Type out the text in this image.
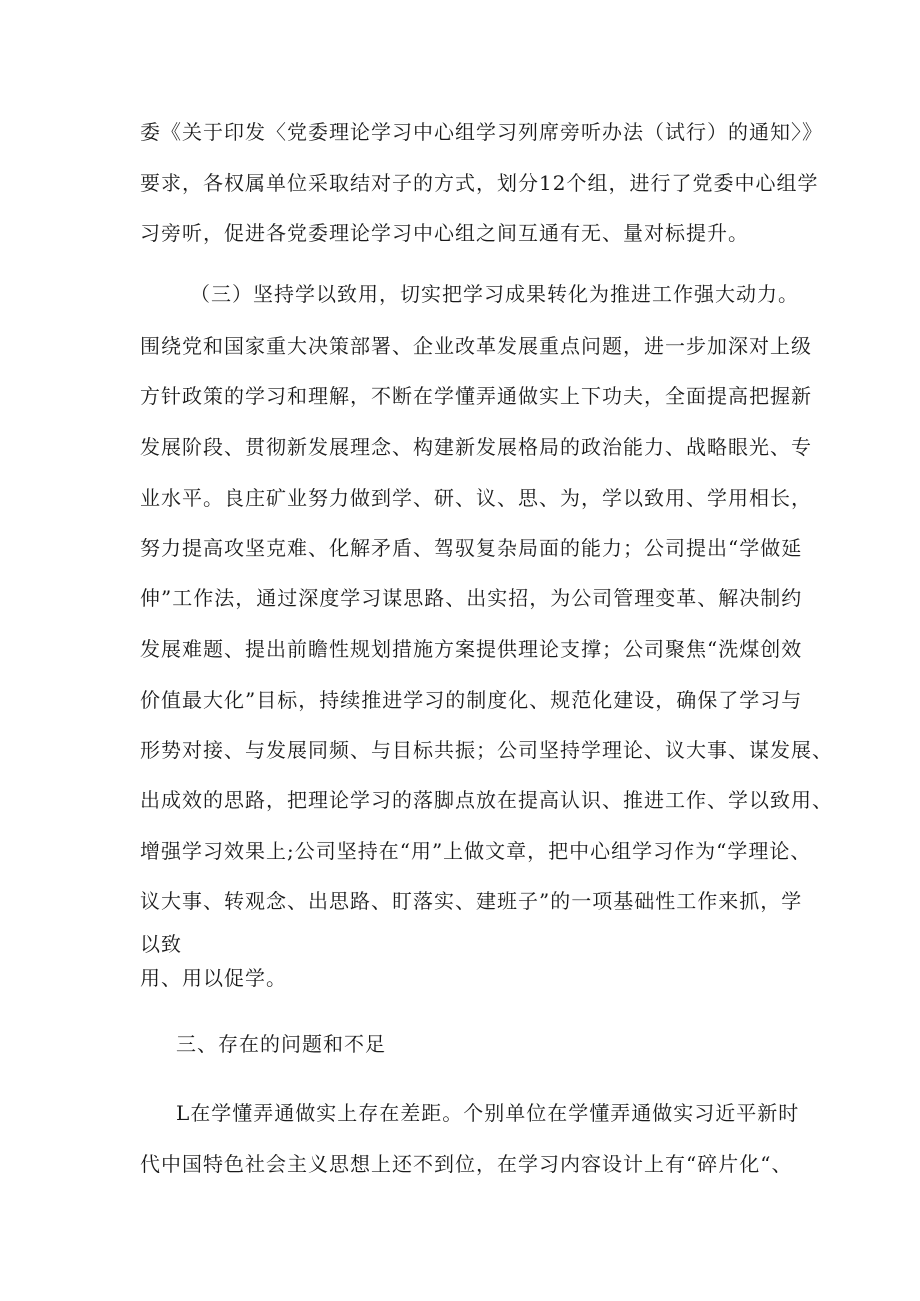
委《关于印发〈党委理论学习中心组学习列席旁听办法（试行）的通知〉》
要求，各权属单位采取结对子的方式，划分12个组，进行了党委中心组学
习旁听，促进各党委理论学习中心组之间互通有无、量对标提升。
（三）坚持学以致用，切实把学习成果转化为推进工作强大动力。
围绕党和国家重大决策部署、企业改革发展重点问题，进一步加深对上级
方针政策的学习和理解，不断在学懂弄通做实上下功夫，全面提高把握新
发展阶段、贯彻新发展理念、构建新发展格局的政治能力、战略眼光、专
业水平。良庄矿业努力做到学、研、议、思、为，学以致用、学用相长，
努力提高攻坚克难、化解矛盾、驾驭复杂局面的能力；公司提出“学做延
伸”工作法，通过深度学习谋思路、出实招，为公司管理变革、解决制约
发展难题、提出前瞻性规划措施方案提供理论支撑；公司聚焦“洗煤创效
价值最大化”目标，持续推进学习的制度化、规范化建设，确保了学习与
形势对接、与发展同频、与目标共振；公司坚持学理论、议大事、谋发展、
出成效的思路，把理论学习的落脚点放在提高认识、推进工作、学以致用、
增强学习效果上;公司坚持在“用”上做文章，把中心组学习作为“学理论、
议大事、转观念、出思路、盯落实、建班子”的一项基础性工作来抓，学
以致
用、用以促学。
三、存在的问题和不足
L在学懂弄通做实上存在差距。个别单位在学懂弄通做实习近平新时
代中国特色社会主义思想上还不到位，在学习内容设计上有“碎片化“、
